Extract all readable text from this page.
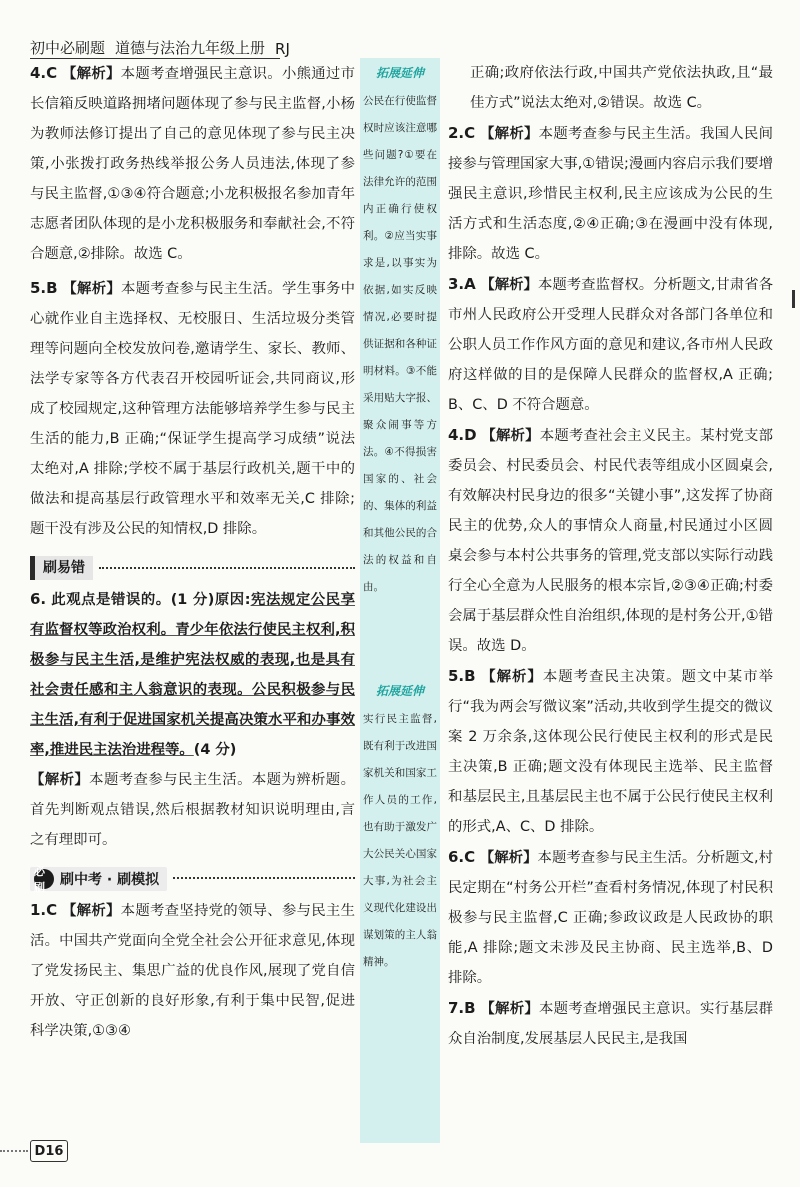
初中必刷题 道德与法治九年级上册 RJ

4.C 【解析】本题考查增强民主意识。小熊通过市长信箱反映道路拥堵问题体现了参与民主监督,小杨为教师法修订提出了自己的意见体现了参与民主决策,小张拨打政务热线举报公务人员违法,体现了参与民主监督,①③④符合题意;小龙积极报名参加青年志愿者团队体现的是小龙积极服务和奉献社会,不符合题意,②排除。故选 C。

5.B 【解析】本题考查参与民主生活。学生事务中心就作业自主选择权、无校服日、生活垃圾分类管理等问题向全校发放问卷,邀请学生、家长、教师、法学专家等各方代表召开校园听证会,共同商议,形成了校园规定,这种管理方法能够培养学生参与民主生活的能力,B 正确;“保证学生提高学习成绩”说法太绝对,A 排除;学校不属于基层行政机关,题干中的做法和提高基层行政管理水平和效率无关,C 排除;题干没有涉及公民的知情权,D 排除。

刷易错

6. 此观点是错误的。(1 分)原因:宪法规定公民享有监督权等政治权利。青少年依法行使民主权利,积极参与民主生活,是维护宪法权威的表现,也是具有社会责任感和主人翁意识的表现。公民积极参与民主生活,有利于促进国家机关提高决策水平和办事效率,推进民主法治进程等。(4 分)

【解析】本题考查参与民主生活。本题为辨析题。首先判断观点错误,然后根据教材知识说明理由,言之有理即可。

必刷	刷中考 · 刷模拟

1.C 【解析】本题考查坚持党的领导、参与民主生活。中国共产党面向全党全社会公开征求意见,体现了党发扬民主、集思广益的优良作风,展现了党自信开放、守正创新的良好形象,有利于集中民智,促进科学决策,①③④

拓展延伸
公民在行使监督权时应该注意哪些问题?①要在法律允许的范围内正确行使权利。②应当实事求是,以事实为依据,如实反映情况,必要时提供证据和各种证明材料。③不能采用贴大字报、聚众闹事等方法。④不得损害国家的、社会的、集体的利益和其他公民的合法的权益和自由。
拓展延伸
实行民主监督,既有利于改进国家机关和国家工作人员的工作,也有助于激发广大公民关心国家大事,为社会主义现代化建设出谋划策的主人翁精神。

正确;政府依法行政,中国共产党依法执政,且“最佳方式”说法太绝对,②错误。故选 C。

2.C 【解析】本题考查参与民主生活。我国人民间接参与管理国家大事,①错误;漫画内容启示我们要增强民主意识,珍惜民主权利,民主应该成为公民的生活方式和生活态度,②④正确;③在漫画中没有体现,排除。故选 C。

3.A 【解析】本题考查监督权。分析题文,甘肃省各市州人民政府公开受理人民群众对各部门各单位和公职人员工作作风方面的意见和建议,各市州人民政府这样做的目的是保障人民群众的监督权,A 正确;B、C、D 不符合题意。

4.D 【解析】本题考查社会主义民主。某村党支部委员会、村民委员会、村民代表等组成小区圆桌会,有效解决村民身边的很多“关键小事”,这发挥了协商民主的优势,众人的事情众人商量,村民通过小区圆桌会参与本村公共事务的管理,党支部以实际行动践行全心全意为人民服务的根本宗旨,②③④正确;村委会属于基层群众性自治组织,体现的是村务公开,①错误。故选 D。

5.B 【解析】本题考查民主决策。题文中某市举行“我为两会写微议案”活动,共收到学生提交的微议案 2 万余条,这体现公民行使民主权利的形式是民主决策,B 正确;题文没有体现民主选举、民主监督和基层民主,且基层民主也不属于公民行使民主权利的形式,A、C、D 排除。

6.C 【解析】本题考查参与民主生活。分析题文,村民定期在“村务公开栏”查看村务情况,体现了村民积极参与民主监督,C 正确;参政议政是人民政协的职能,A 排除;题文未涉及民主协商、民主选举,B、D 排除。

7.B 【解析】本题考查增强民主意识。实行基层群众自治制度,发展基层人民民主,是我国

D16
